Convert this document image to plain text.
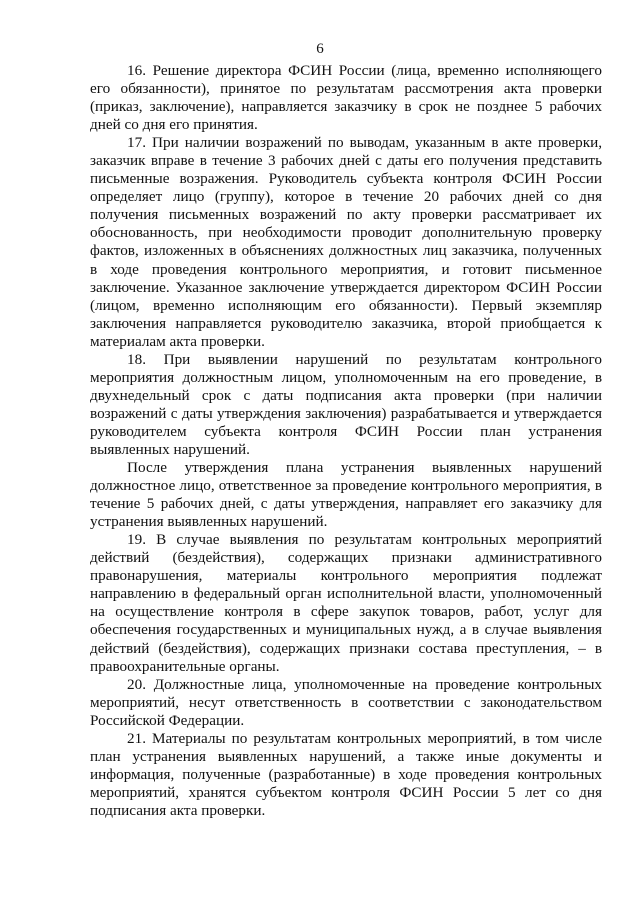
6

16. Решение директора ФСИН России (лица, временно исполняющего его обязанности), принятое по результатам рассмотрения акта проверки (приказ, заключение), направляется заказчику в срок не позднее 5 рабочих дней со дня его принятия.

17. При наличии возражений по выводам, указанным в акте проверки, заказчик вправе в течение 3 рабочих дней с даты его получения представить письменные возражения. Руководитель субъекта контроля ФСИН России определяет лицо (группу), которое в течение 20 рабочих дней со дня получения письменных возражений по акту проверки рассматривает их обоснованность, при необходимости проводит дополнительную проверку фактов, изложенных в объяснениях должностных лиц заказчика, полученных в ходе проведения контрольного мероприятия, и готовит письменное заключение. Указанное заключение утверждается директором ФСИН России (лицом, временно исполняющим его обязанности). Первый экземпляр заключения направляется руководителю заказчика, второй приобщается к материалам акта проверки.

18. При выявлении нарушений по результатам контрольного мероприятия должностным лицом, уполномоченным на его проведение, в двухнедельный срок с даты подписания акта проверки (при наличии возражений с даты утверждения заключения) разрабатывается и утверждается руководителем субъекта контроля ФСИН России план устранения выявленных нарушений.

После утверждения плана устранения выявленных нарушений должностное лицо, ответственное за проведение контрольного мероприятия, в течение 5 рабочих дней, с даты утверждения, направляет его заказчику для устранения выявленных нарушений.

19. В случае выявления по результатам контрольных мероприятий действий (бездействия), содержащих признаки административного правонарушения, материалы контрольного мероприятия подлежат направлению в федеральный орган исполнительной власти, уполномоченный на осуществление контроля в сфере закупок товаров, работ, услуг для обеспечения государственных и муниципальных нужд, а в случае выявления действий (бездействия), содержащих признаки состава преступления, – в правоохранительные органы.

20. Должностные лица, уполномоченные на проведение контрольных мероприятий, несут ответственность в соответствии с законодательством Российской Федерации.

21. Материалы по результатам контрольных мероприятий, в том числе план устранения выявленных нарушений, а также иные документы и информация, полученные (разработанные) в ходе проведения контрольных мероприятий, хранятся субъектом контроля ФСИН России 5 лет со дня подписания акта проверки.
